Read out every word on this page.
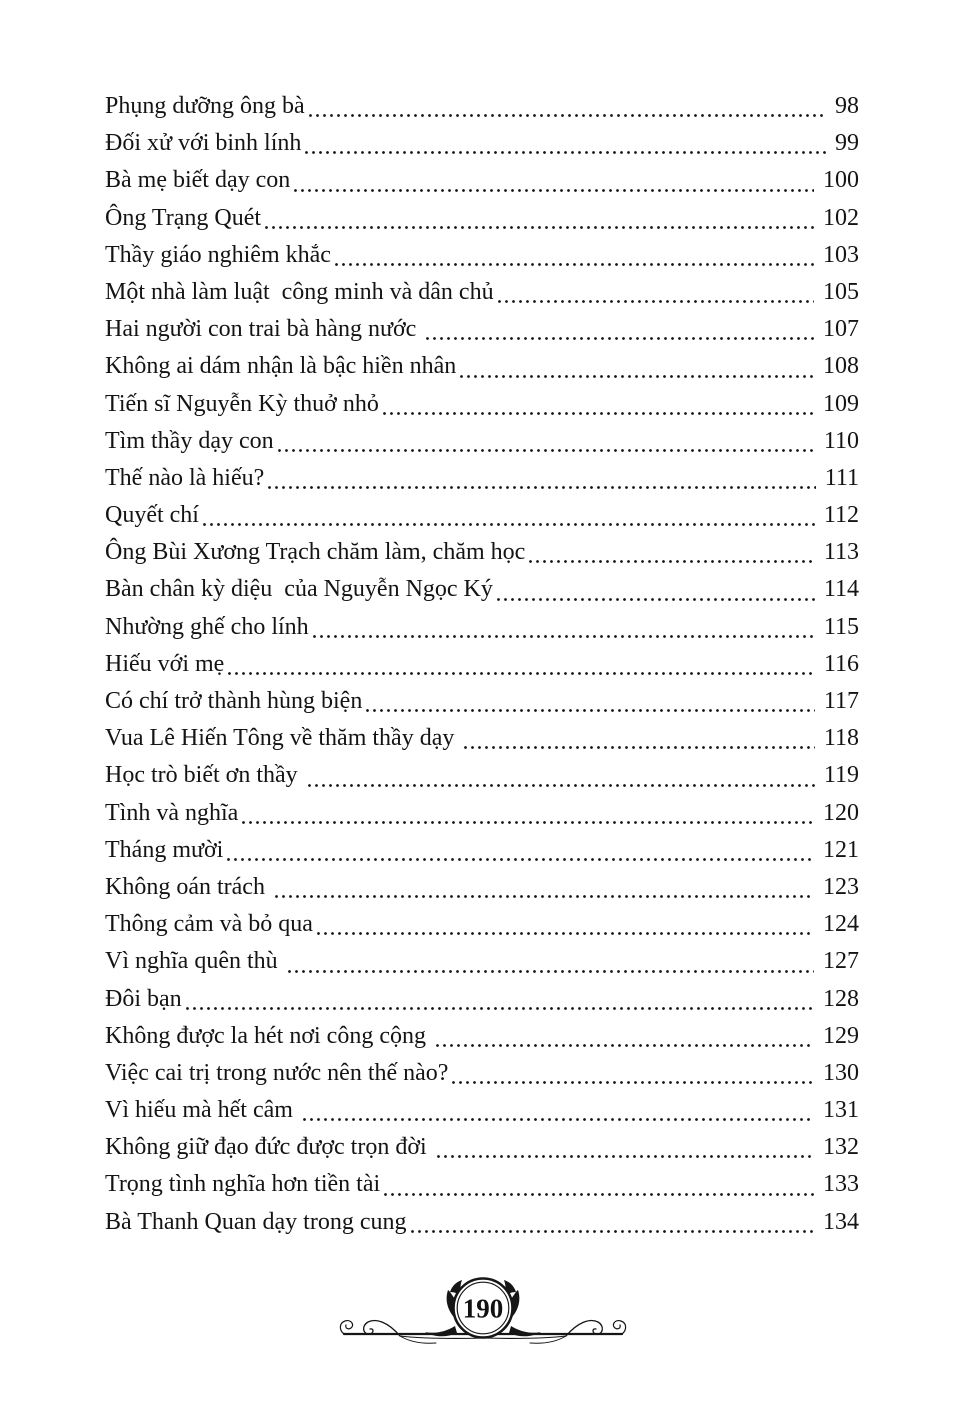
Phụng dưỡng ông bà	98
Đối xử với binh lính	99
Bà mẹ biết dạy con	100
Ông Trạng Quét	102
Thầy giáo nghiêm khắc	103
Một nhà làm luật  công minh và dân chủ	105
Hai người con trai bà hàng nước	107
Không ai dám nhận là bậc hiền nhân	108
Tiến sĩ Nguyễn Kỳ thuở nhỏ	109
Tìm thầy dạy con	110
Thế nào là hiếu?	111
Quyết chí	112
Ông Bùi Xương Trạch chăm làm, chăm học	113
Bàn chân kỳ diệu  của Nguyễn Ngọc Ký	114
Nhường ghế cho lính	115
Hiếu với mẹ	116
Có chí trở thành hùng biện	117
Vua Lê Hiến Tông về thăm thầy dạy	118
Học trò biết ơn thầy	119
Tình và nghĩa	120
Tháng mười	121
Không oán trách	123
Thông cảm và bỏ qua	124
Vì nghĩa quên thù	127
Đôi bạn	128
Không được la hét nơi công cộng	129
Việc cai trị trong nước nên thế nào?	130
Vì hiếu mà hết câm	131
Không giữ đạo đức được trọn đời	132
Trọng tình nghĩa hơn tiền tài	133
Bà Thanh Quan dạy trong cung	134
190
